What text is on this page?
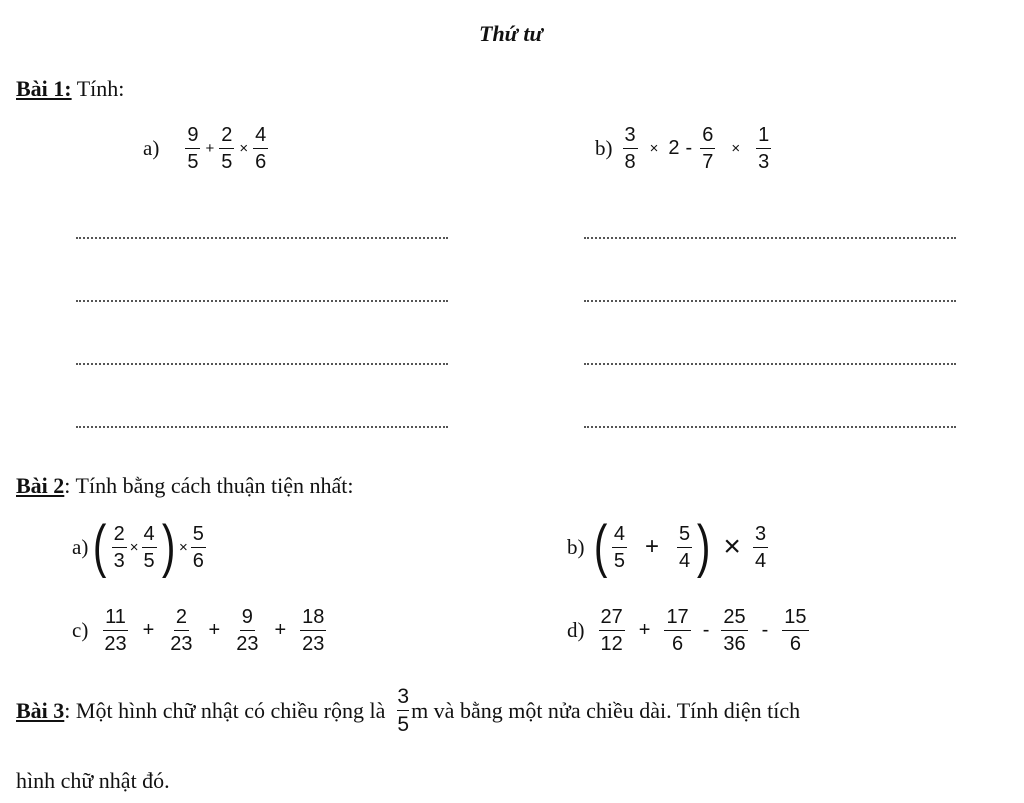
Thứ tư
Bài 1: Tính:
$a) \frac{9}{5} + \frac{2}{5} \times \frac{4}{6}$	$b) \frac{3}{8} \times 2 - \frac{6}{7} \times \frac{1}{3}$
Bài 2: Tính bằng cách thuận tiện nhất:
a) ( $\frac{2}{3} \times \frac{4}{5}$ ) × $\frac{5}{6}$	b) ( $\frac{4}{5} + \frac{5}{4}$ ) × $\frac{3}{4}$
$c) \frac{11}{23} + \frac{2}{23} + \frac{9}{23} + \frac{18}{23}$	$d) \frac{27}{12} + \frac{17}{6} - \frac{25}{36} - \frac{15}{6}$
Bài 3 : Một hình chữ nhật có chiều rộng là $\frac{3}{5}$ m và bằng một nửa chiều dài. Tính diện tích
hình chữ nhật đó.
